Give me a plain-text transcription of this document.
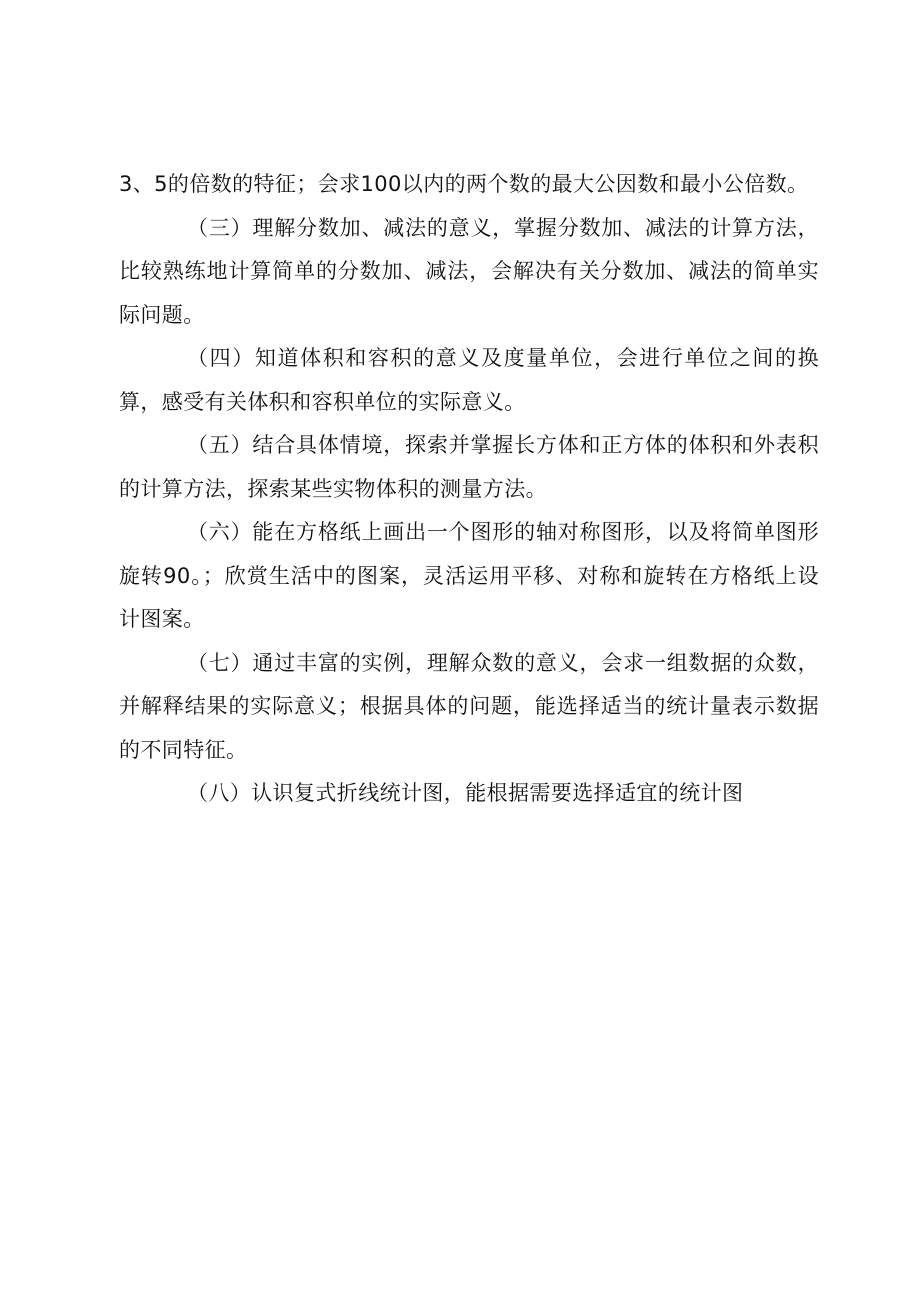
3、5的倍数的特征；会求100以内的两个数的最大公因数和最小公倍数。

（三）理解分数加、减法的意义，掌握分数加、减法的计算方法，比较熟练地计算简单的分数加、减法，会解决有关分数加、减法的简单实际问题。

（四）知道体积和容积的意义及度量单位，会进行单位之间的换算，感受有关体积和容积单位的实际意义。

（五）结合具体情境，探索并掌握长方体和正方体的体积和外表积的计算方法，探索某些实物体积的测量方法。

（六）能在方格纸上画出一个图形的轴对称图形，以及将简单图形旋转90。；欣赏生活中的图案，灵活运用平移、对称和旋转在方格纸上设计图案。

（七）通过丰富的实例，理解众数的意义，会求一组数据的众数，并解释结果的实际意义；根据具体的问题，能选择适当的统计量表示数据的不同特征。

（八）认识复式折线统计图，能根据需要选择适宜的统计图
